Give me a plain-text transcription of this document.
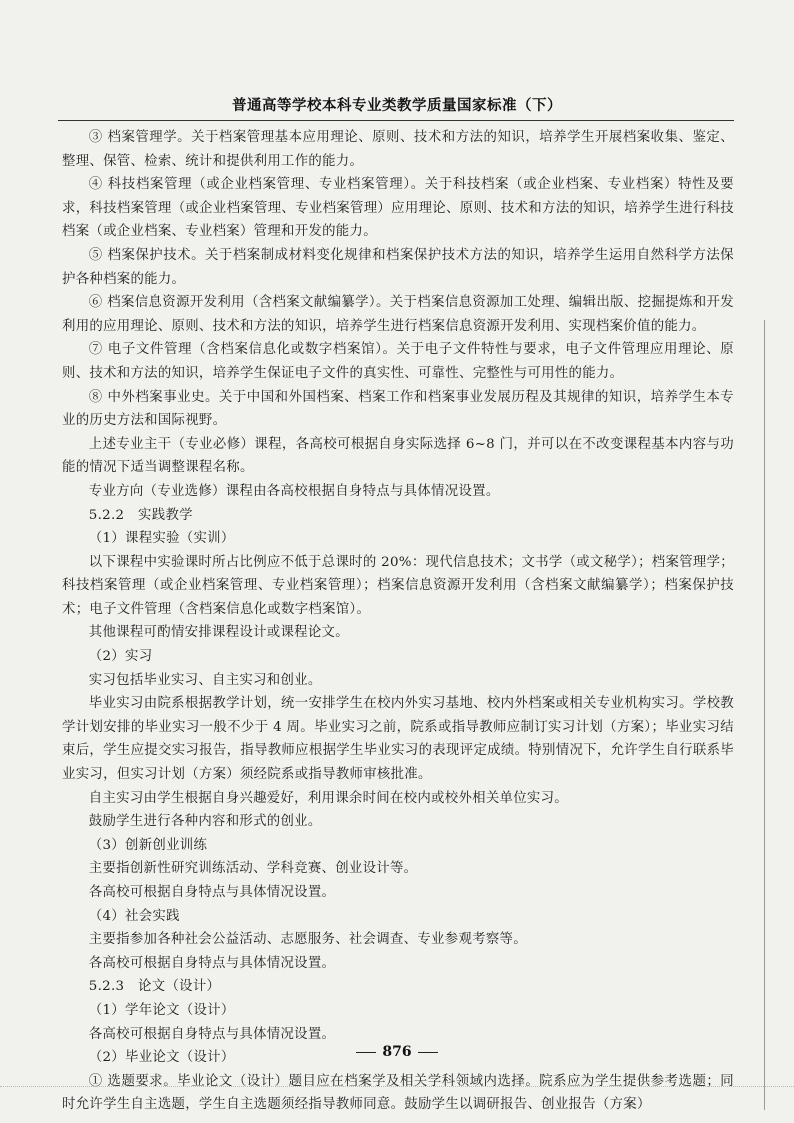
普通高等学校本科专业类教学质量国家标准（下）

③ 档案管理学。关于档案管理基本应用理论、原则、技术和方法的知识，培养学生开展档案收集、鉴定、整理、保管、检索、统计和提供利用工作的能力。

④ 科技档案管理（或企业档案管理、专业档案管理）。关于科技档案（或企业档案、专业档案）特性及要求，科技档案管理（或企业档案管理、专业档案管理）应用理论、原则、技术和方法的知识，培养学生进行科技档案（或企业档案、专业档案）管理和开发的能力。

⑤ 档案保护技术。关于档案制成材料变化规律和档案保护技术方法的知识，培养学生运用自然科学方法保护各种档案的能力。

⑥ 档案信息资源开发利用（含档案文献编纂学）。关于档案信息资源加工处理、编辑出版、挖掘提炼和开发利用的应用理论、原则、技术和方法的知识，培养学生进行档案信息资源开发利用、实现档案价值的能力。

⑦ 电子文件管理（含档案信息化或数字档案馆）。关于电子文件特性与要求，电子文件管理应用理论、原则、技术和方法的知识，培养学生保证电子文件的真实性、可靠性、完整性与可用性的能力。

⑧ 中外档案事业史。关于中国和外国档案、档案工作和档案事业发展历程及其规律的知识，培养学生本专业的历史方法和国际视野。

上述专业主干（专业必修）课程，各高校可根据自身实际选择 6~8 门，并可以在不改变课程基本内容与功能的情况下适当调整课程名称。

专业方向（专业选修）课程由各高校根据自身特点与具体情况设置。

5.2.2　实践教学

（1）课程实验（实训）

以下课程中实验课时所占比例应不低于总课时的 20%：现代信息技术；文书学（或文秘学）；档案管理学；科技档案管理（或企业档案管理、专业档案管理）；档案信息资源开发利用（含档案文献编纂学）；档案保护技术；电子文件管理（含档案信息化或数字档案馆）。

其他课程可酌情安排课程设计或课程论文。

（2）实习

实习包括毕业实习、自主实习和创业。

毕业实习由院系根据教学计划，统一安排学生在校内外实习基地、校内外档案或相关专业机构实习。学校教学计划安排的毕业实习一般不少于 4 周。毕业实习之前，院系或指导教师应制订实习计划（方案）；毕业实习结束后，学生应提交实习报告，指导教师应根据学生毕业实习的表现评定成绩。特别情况下，允许学生自行联系毕业实习，但实习计划（方案）须经院系或指导教师审核批准。

自主实习由学生根据自身兴趣爱好，利用课余时间在校内或校外相关单位实习。

鼓励学生进行各种内容和形式的创业。

（3）创新创业训练

主要指创新性研究训练活动、学科竞赛、创业设计等。

各高校可根据自身特点与具体情况设置。

（4）社会实践

主要指参加各种社会公益活动、志愿服务、社会调查、专业参观考察等。

各高校可根据自身特点与具体情况设置。

5.2.3　论文（设计）

（1）学年论文（设计）

各高校可根据自身特点与具体情况设置。

（2）毕业论文（设计）

① 选题要求。毕业论文（设计）题目应在档案学及相关学科领域内选择。院系应为学生提供参考选题；同时允许学生自主选题，学生自主选题须经指导教师同意。鼓励学生以调研报告、创业报告（方案）

876
